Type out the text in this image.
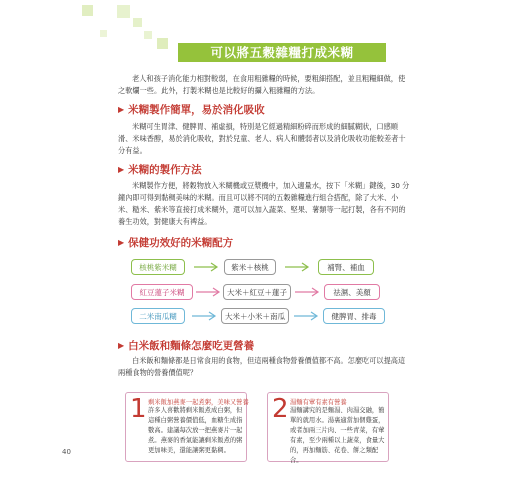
可以將五穀雜糧打成米糊

老人和孩子消化能力相對較弱，在食用粗雜糧的時候，要粗細搭配，並且粗糧細做，使之軟爛一些。此外，打製米糊也是比較好的攝入粗雜糧的方法。

▶ 米糊製作簡單，易於消化吸收

米糊可生胃津、健脾胃、補虛損，特別是它經過精細粉碎而形成的細膩糊狀，口感順滑、米味香醇，易於消化吸收，對於兒童、老人、病人和體弱者以及消化吸收功能較差者十分有益。

▶ 米糊的製作方法

米糊製作方便，將穀物放入米糊機或豆漿機中，加入適量水，按下「米糊」鍵後，30 分鐘內即可得到黏稠美味的米糊。而且可以將不同的五穀雜糧進行組合搭配，除了大米、小米、糙米、紫米等直接打成米糊外，還可以加入蔬菜、堅果、薯類等一起打製，各有不同的養生功效，對健康大有裨益。

▶ 保健功效好的米糊配方
核桃紫米糊	紫米＋核桃	補腎、補血
紅豆蓮子米糊	大米＋紅豆＋蓮子	祛濕、美顏
二米南瓜糊	大米＋小米＋南瓜	健脾胃、排毒
▶ 白米飯和麵條怎麼吃更營養

白米飯和麵條都是日常食用的食物，但這兩種食物營養價值都不高。怎麼吃可以提高這兩種食物的營養價值呢？

1 剩米飯加燕麥一起煮粥，美味又營養

許多人喜歡將剩米飯煮成白粥，但這種白粥營養價值低，血糖生成指數高。建議每次放一把燕麥片一起煮。燕麥的香氣能讓剩米飯煮的粥更加味美，還能讓粥更黏稠。

2 湯麵有葷有素有營養

湯麵講究的是麵湯、肉湯交融，簡單的就用水。湯裏適當加個雞蛋，或者加兩三片肉、一些青菜，有葷有素，至少兩種以上蔬菜，食量大的，再加麵筋、花卷、餅之類配合。

40
